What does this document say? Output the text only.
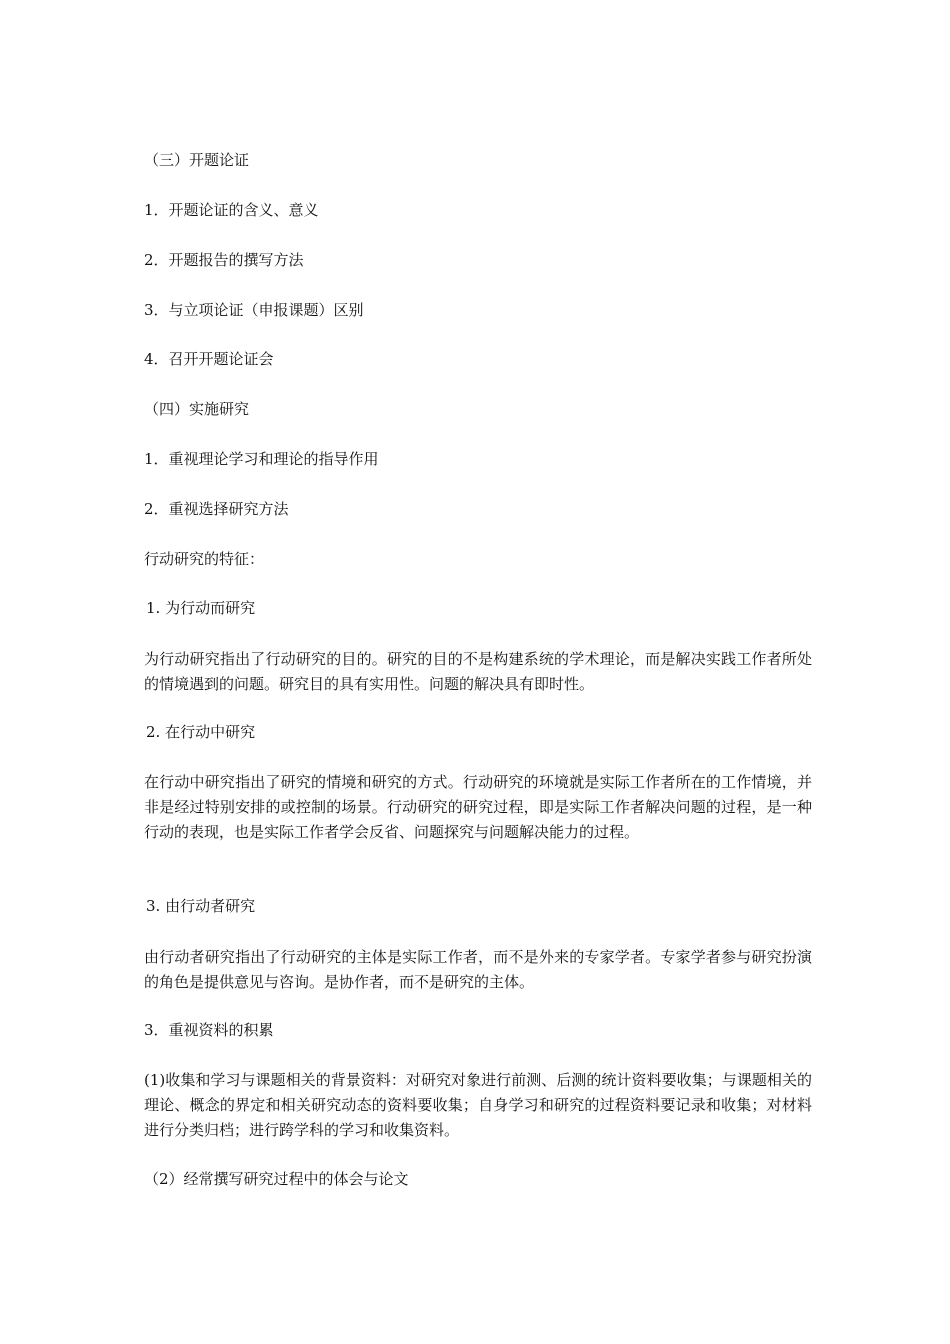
（三）开题论证
1．开题论证的含义、意义
2．开题报告的撰写方法
3．与立项论证（申报课题）区别
4．召开开题论证会
（四）实施研究
1．重视理论学习和理论的指导作用
2．重视选择研究方法
行动研究的特征：
1. 为行动而研究
为行动研究指出了行动研究的目的。研究的目的不是构建系统的学术理论，而是解决实践工作者所处的情境遇到的问题。研究目的具有实用性。问题的解决具有即时性。
2. 在行动中研究
在行动中研究指出了研究的情境和研究的方式。行动研究的环境就是实际工作者所在的工作情境，并非是经过特别安排的或控制的场景。行动研究的研究过程，即是实际工作者解决问题的过程，是一种行动的表现，也是实际工作者学会反省、问题探究与问题解决能力的过程。
3. 由行动者研究
由行动者研究指出了行动研究的主体是实际工作者，而不是外来的专家学者。专家学者参与研究扮演的角色是提供意见与咨询。是协作者，而不是研究的主体。
3．重视资料的积累
(1)收集和学习与课题相关的背景资料：对研究对象进行前测、后测的统计资料要收集；与课题相关的理论、概念的界定和相关研究动态的资料要收集；自身学习和研究的过程资料要记录和收集；对材料进行分类归档；进行跨学科的学习和收集资料。
（2）经常撰写研究过程中的体会与论文
